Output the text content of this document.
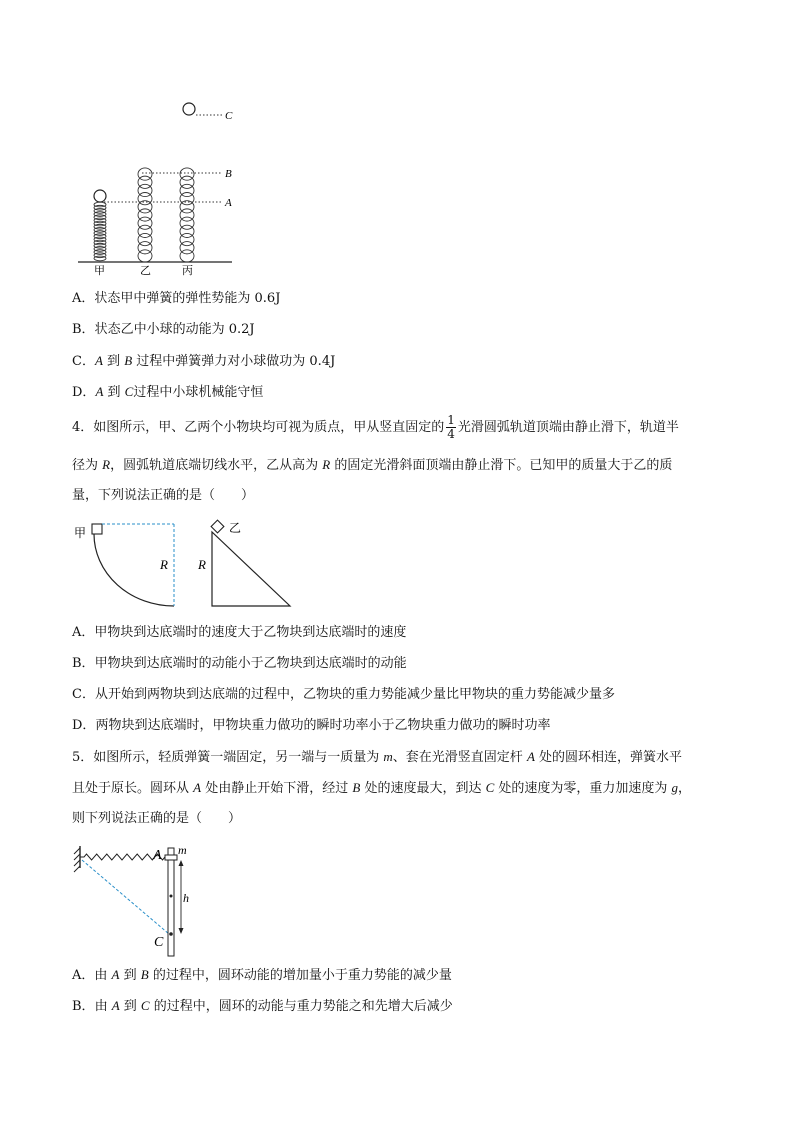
C
B
A
甲	乙	丙
A．状态甲中弹簧的弹性势能为 0.6J
B．状态乙中小球的动能为 0.2J
C．A 到 B 过程中弹簧弹力对小球做功为 0.4J
D．A 到 C过程中小球机械能守恒
4．如图所示，甲、乙两个小物块均可视为质点，甲从竖直固定的 $\frac{1}{4}$ 光滑圆弧轨道顶端由静止滑下，轨道半
径为 R，圆弧轨道底端切线水平，乙从高为 R 的固定光滑斜面顶端由静止滑下。已知甲的质量大于乙的质
量，下列说法正确的是（　　）
甲
R
乙
R
A．甲物块到达底端时的速度大于乙物块到达底端时的速度
B．甲物块到达底端时的动能小于乙物块到达底端时的动能
C．从开始到两物块到达底端的过程中，乙物块的重力势能减少量比甲物块的重力势能减少量多
D．两物块到达底端时，甲物块重力做功的瞬时功率小于乙物块重力做功的瞬时功率
5．如图所示，轻质弹簧一端固定，另一端与一质量为 m、套在光滑竖直固定杆 A 处的圆环相连，弹簧水平
且处于原长。圆环从 A 处由静止开始下滑，经过 B 处的速度最大，到达 C 处的速度为零，重力加速度为 g，
则下列说法正确的是（　　）
A m
h
C
A．由 A 到 B 的过程中，圆环动能的增加量小于重力势能的减少量
B．由 A 到 C 的过程中，圆环的动能与重力势能之和先增大后减少
